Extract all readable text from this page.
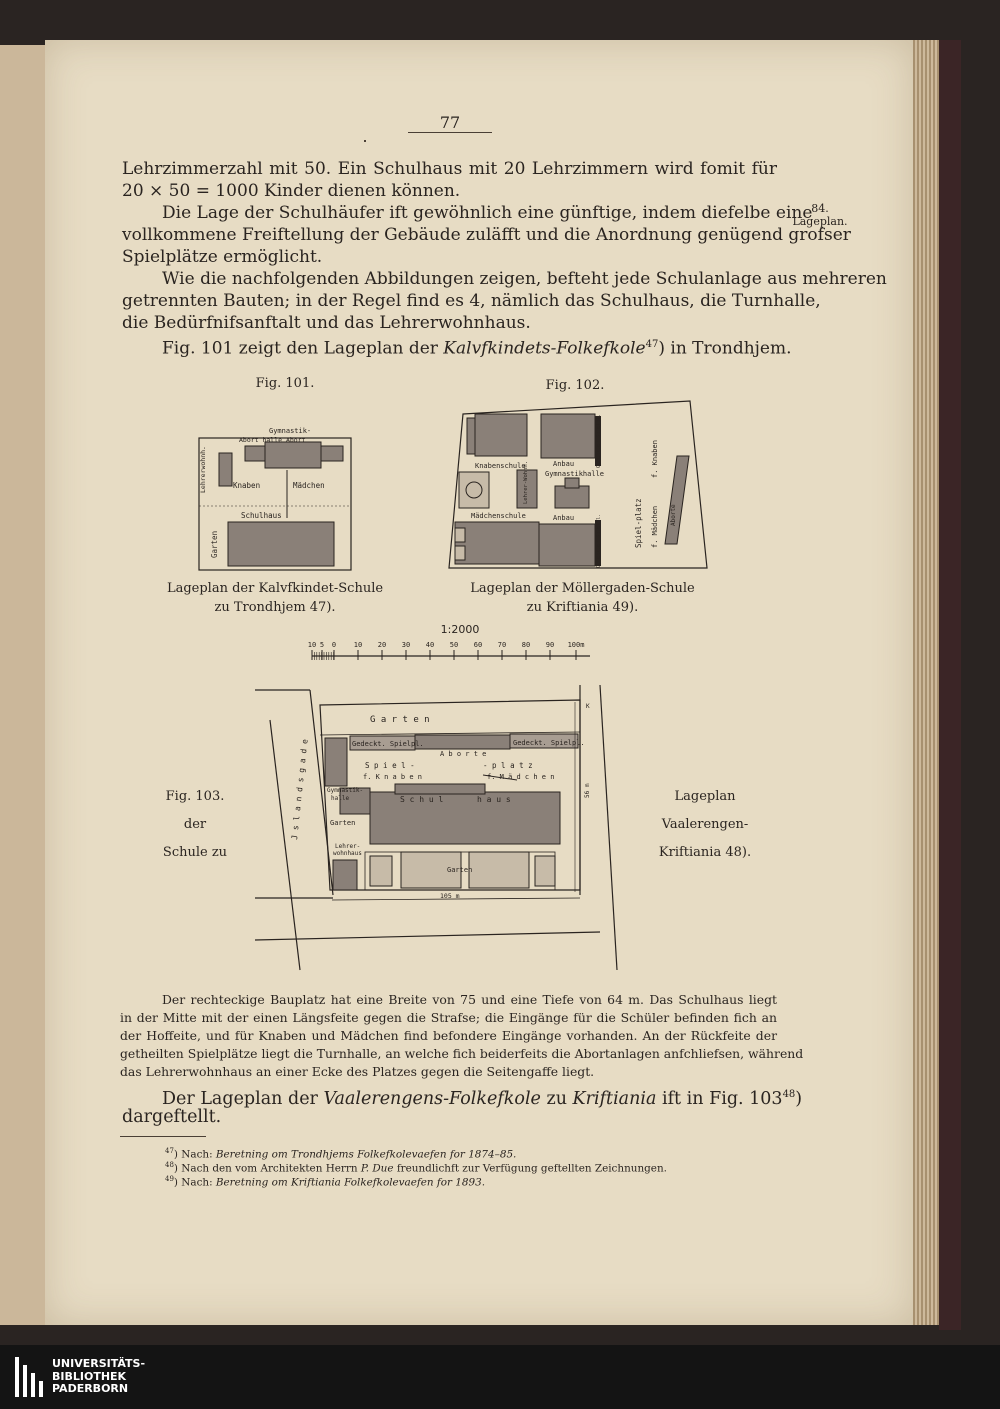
77
84.
Lageplan.
Lehrzimmerzahl mit 50. Ein Schulhaus mit 20 Lehrzimmern wird fomit für
20 × 50 = 1000 Kinder dienen können.
Die Lage der Schulhäufer ift gewöhnlich eine günftige, indem diefelbe eine
vollkommene Freiftellung der Gebäude zuläfft und die Anordnung genügend grofser
Spielplätze ermöglicht.
Wie die nachfolgenden Abbildungen zeigen, befteht jede Schulanlage aus mehreren
getrennten Bauten; in der Regel find es 4, nämlich das Schulhaus, die Turnhalle,
die Bedürfnifsanftalt und das Lehrerwohnhaus.
Fig. 101 zeigt den Lageplan der Kalvfkindets-Folkefkole$^{47}$) in Trondhjem.
Fig. 101.	Fig. 102.
Gymnastik-
Abort halle Abort
Lehrerwohnh.	Knaben	Mädchen
Schulhaus
Garten
Knabenschule	Anbau
Gymnastikhalle
Lehrer-Wohnh.
Mädchenschule	Anbau
Gedeckter Spielpl.
Gedeckter Spielpl.	Spiel-platz
f. Knaben
f. Mädchen Aborte
Lageplan der Kalvfkindet-Schule
zu Trondhjem 47).
Lageplan der Möllergaden-Schule
zu Kriftiania 49).
1:2000
10 5 0	10 20 30 40 50 60 70 80 90 100m
G a r t e n
Gedeckt. Spielpl.	Gedeckt. Spielpl.
A b o r t e
S p i e l -	- p l a t z
f. K n a b e n	f. M ä d c h e n
Gymnastik-
halle	S c h u l	h a u s
Garten
Lehrer-
wohnhaus
Garten
J s l a n d s g a d e
105 m
56 m
K
Fig. 103.
der
Schule zu
Lageplan
Vaalerengen-
Kriftiania 48).
Der rechteckige Bauplatz hat eine Breite von 75 und eine Tiefe von 64 m. Das Schulhaus liegt
in der Mitte mit der einen Längsfeite gegen die Strafse; die Eingänge für die Schüler befinden fich an
der Hoffeite, und für Knaben und Mädchen find befondere Eingänge vorhanden. An der Rückfeite der
getheilten Spielplätze liegt die Turnhalle, an welche fich beiderfeits die Abortanlagen anfchliefsen, während
das Lehrerwohnhaus an einer Ecke des Platzes gegen die Seitengaffe liegt.
Der Lageplan der Vaalerengens-Folkefkole zu Kriftiania ift in Fig. $103^{48}$)
dargeftellt.
$^{47}$) Nach: Beretning om Trondhjems Folkefkolevaefen for 1874–85.
$^{48}$) Nach den vom Architekten Herrn P. Due freundlichft zur Verfügung geftellten Zeichnungen.
$^{49}$) Nach: Beretning om Kriftiania Folkefkolevaefen for 1893.
UNIVERSITÄTS-
BIBLIOTHEK
PADERBORN
